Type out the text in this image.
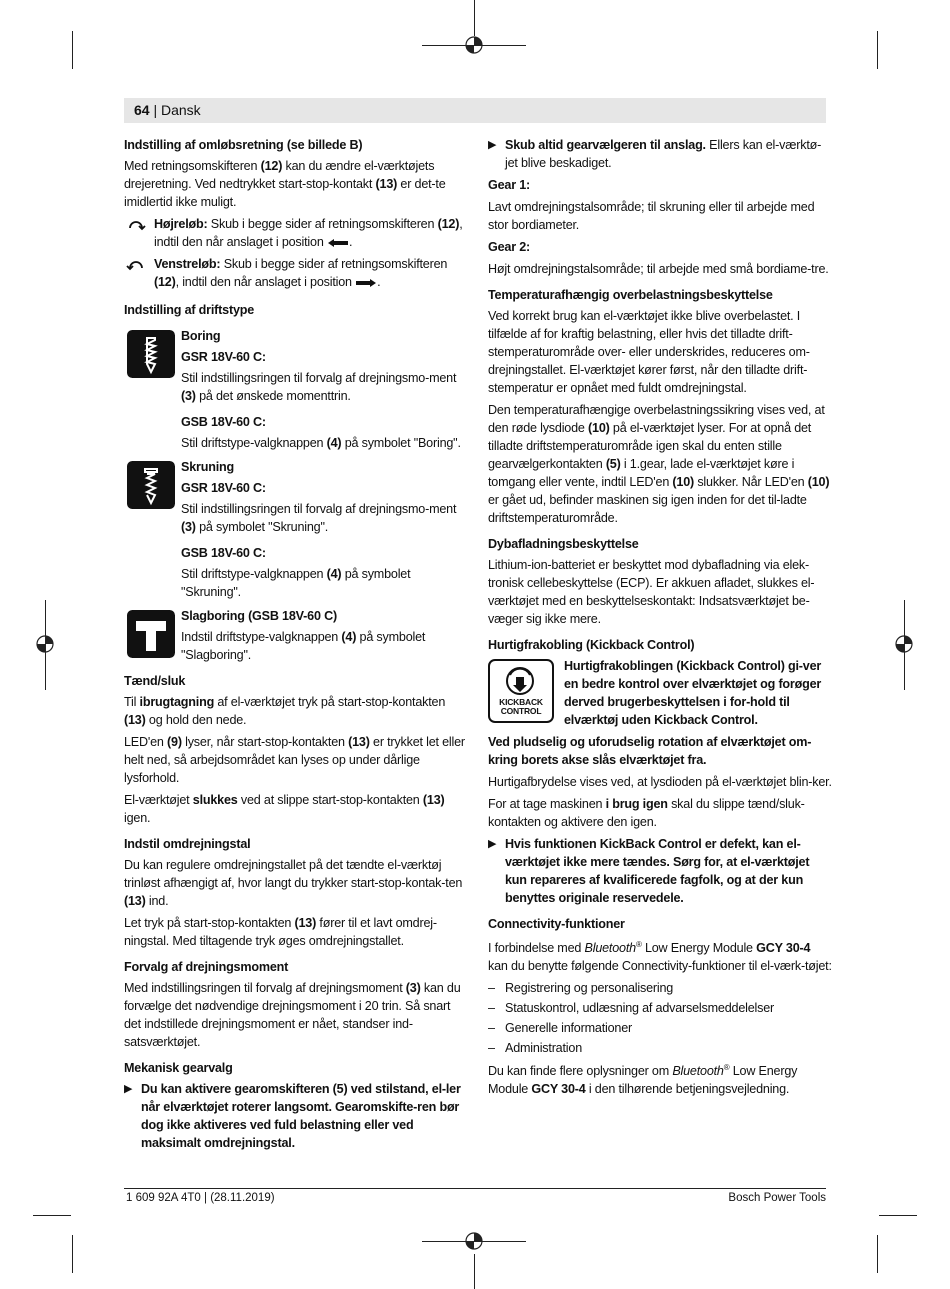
64 | Dansk
Indstilling af omløbsretning (se billede B)

Med retningsomskifteren (12) kan du ændre el-værktøjets drejeretning. Ved nedtrykket start-stop-kontakt (13) er det-te imidlertid ikke muligt.

Højreløb: Skub i begge sider af retningsomskifteren (12), indtil den når anslaget i position .
Venstreløb: Skub i begge sider af retningsomskifteren (12), indtil den når anslaget i position .
Indstilling af driftstype

Boring

GSR 18V-60 C:

Stil indstillingsringen til forvalg af drejningsmo-ment (3) på det ønskede momenttrin.

GSB 18V-60 C:

Stil driftstype-valgknappen (4) på symbolet "Boring".

Skruning

GSR 18V-60 C:

Stil indstillingsringen til forvalg af drejningsmo-ment (3) på symbolet "Skruning".

GSB 18V-60 C:

Stil driftstype-valgknappen (4) på symbolet "Skruning".

Slagboring (GSB 18V-60 C)

Indstil driftstype-valgknappen (4) på symbolet "Slagboring".

Tænd/sluk

Til ibrugtagning af el-værktøjet tryk på start-stop-kontakten (13) og hold den nede.

LED'en (9) lyser, når start-stop-kontakten (13) er trykket let eller helt ned, så arbejdsområdet kan lyses op under dårlige lysforhold.

El-værktøjet slukkes ved at slippe start-stop-kontakten (13) igen.

Indstil omdrejningstal

Du kan regulere omdrejningstallet på det tændte el-værktøj trinløst afhængigt af, hvor langt du trykker start-stop-kontak-ten (13) ind.

Let tryk på start-stop-kontakten (13) fører til et lavt omdrej-ningstal. Med tiltagende tryk øges omdrejningstallet.

Forvalg af drejningsmoment

Med indstillingsringen til forvalg af drejningsmoment (3) kan du forvælge det nødvendige drejningsmoment i 20 trin. Så snart det indstillede drejningsmoment er nået, standser ind-satsværktøjet.

Mekanisk gearvalg
▶ Du kan aktivere gearomskifteren (5) ved stilstand, el-ler når elværktøjet roterer langsomt. Gearomskifte-ren bør dog ikke aktiveres ved fuld belastning eller ved maksimalt omdrejningstal.
▶ Skub altid gearvælgeren til anslag. Ellers kan el-værktø-jet blive beskadiget.

Gear 1:

Lavt omdrejningstalsområde; til skruning eller til arbejde med stor bordiameter.

Gear 2:

Højt omdrejningstalsområde; til arbejde med små bordiame-tre.

Temperaturafhængig overbelastningsbeskyttelse

Ved korrekt brug kan el-værktøjet ikke blive overbelastet. I tilfælde af for kraftig belastning, eller hvis det tilladte drift-stemperaturområde over- eller underskrides, reduceres om-drejningstallet. El-værktøjet kører først, når den tilladte drift-stemperatur er opnået med fuldt omdrejningstal.

Den temperaturafhængige overbelastningssikring vises ved, at den røde lysdiode (10) på el-værktøjet lyser. For at opnå det tilladte driftstemperaturområde igen skal du enten stille gearvælgerkontakten (5) i 1.gear, lade el-værktøjet køre i tomgang eller vente, indtil LED'en (10) slukker. Når LED'en (10) er gået ud, befinder maskinen sig igen inden for det til-ladte driftstemperaturområde.

Dybafladningsbeskyttelse

Lithium-ion-batteriet er beskyttet mod dybafladning via elek-tronisk cellebeskyttelse (ECP). Er akkuen afladet, slukkes el-værktøjet med en beskyttelseskontakt: Indsatsværktøjet be-væger sig ikke mere.

Hurtigfrakobling (Kickback Control)
KICKBACK
CONTROL

Hurtigfrakoblingen (Kickback Control) gi-ver en bedre kontrol over elværktøjet og forøger derved brugerbeskyttelsen i for-hold til elværktøj uden Kickback Control.

Ved pludselig og uforudselig rotation af elværktøjet om-kring borets akse slås elværktøjet fra.

Hurtigafbrydelse vises ved, at lysdioden på el-værktøjet blin-ker.

For at tage maskinen i brug igen skal du slippe tænd/sluk-kontakten og aktivere den igen.

▶ Hvis funktionen KickBack Control er defekt, kan el-værktøjet ikke mere tændes. Sørg for, at el-værktøjet kun repareres af kvalificerede fagfolk, og at der kun benyttes originale reservedele.
Connectivity-funktioner

I forbindelse med Bluetooth® Low Energy Module GCY 30-4 kan du benytte følgende Connectivity-funktioner til el-værk-tøjet:

– Registrering og personalisering
– Statuskontrol, udlæsning af advarselsmeddelelser
– Generelle informationer
– Administration

Du kan finde flere oplysninger om Bluetooth® Low Energy Module GCY 30-4 i den tilhørende betjeningsvejledning.

1 609 92A 4T0 | (28.11.2019)	Bosch Power Tools
